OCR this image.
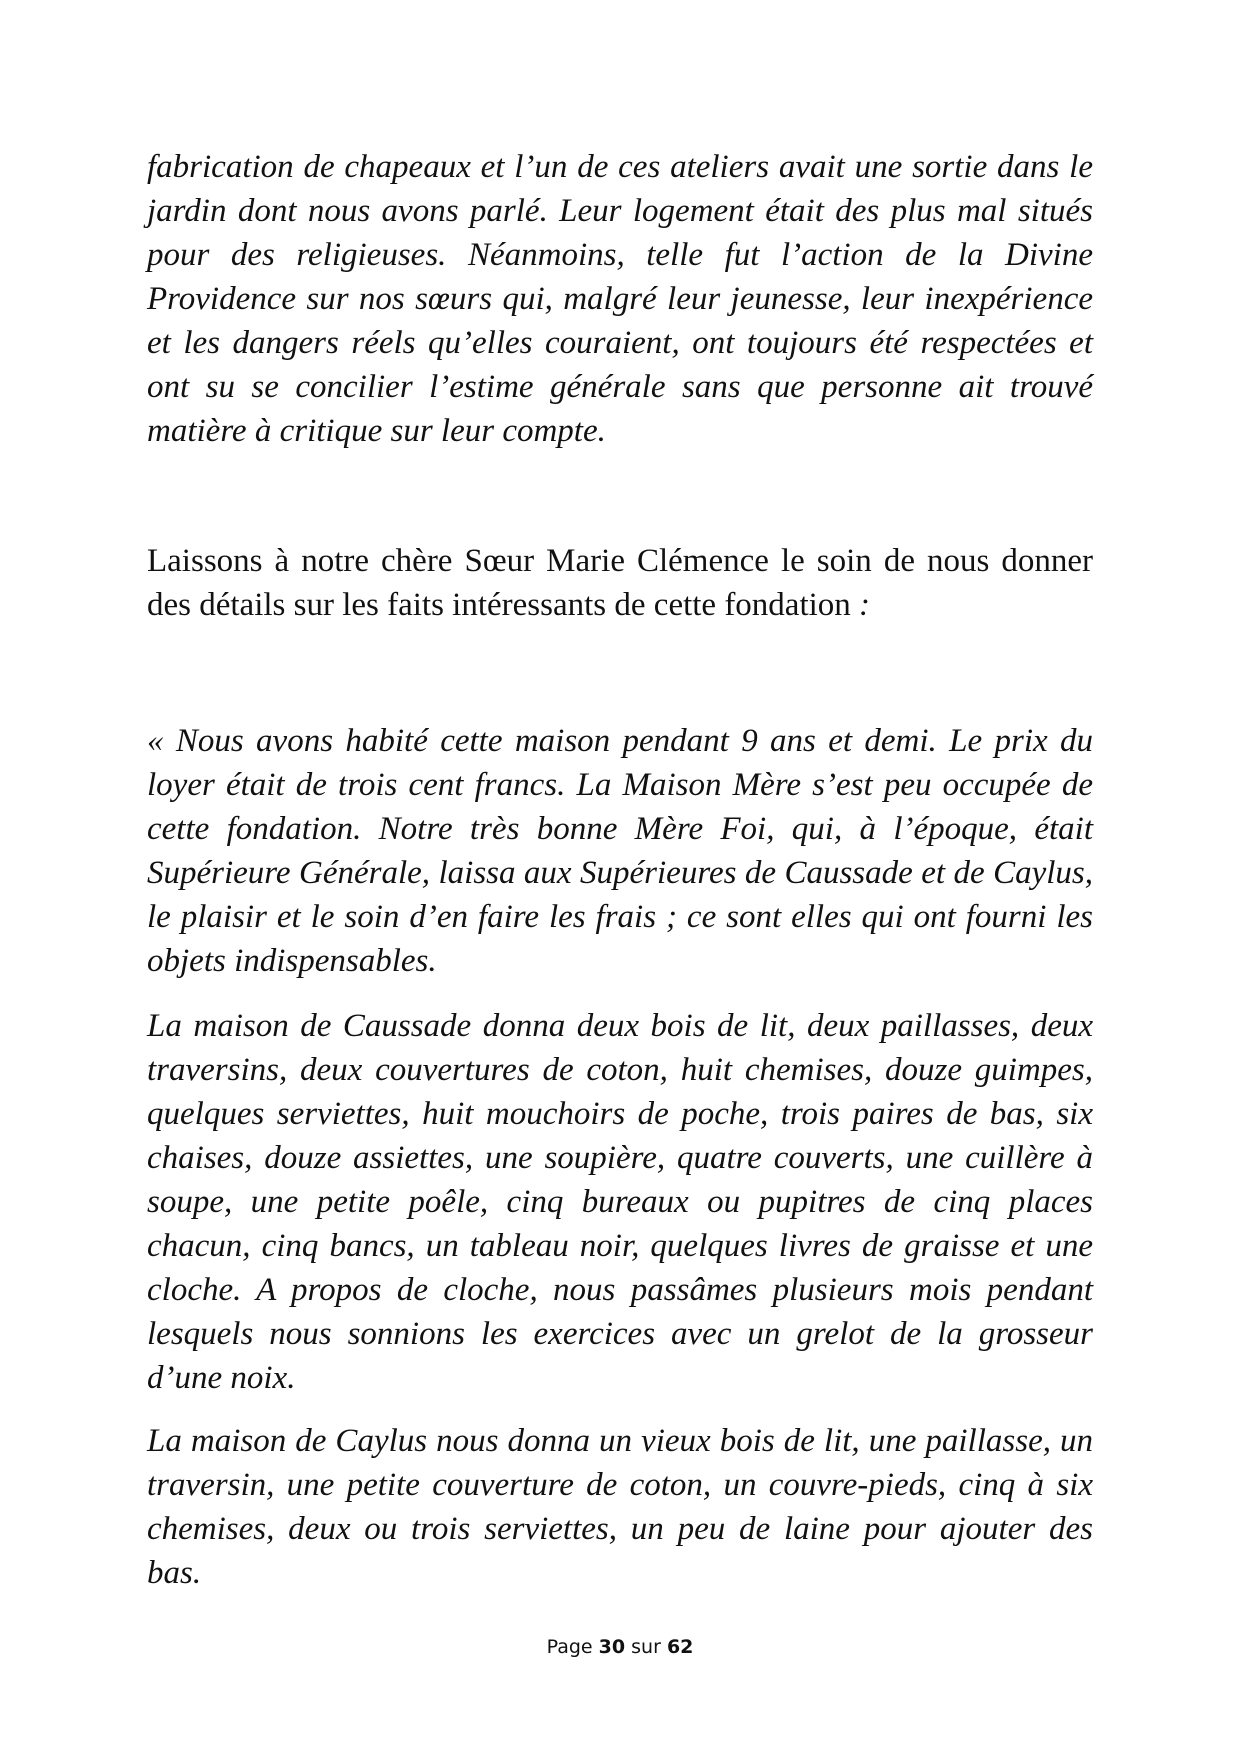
fabrication de chapeaux et l’un de ces ateliers avait une sortie dans le jardin dont nous avons parlé. Leur logement était des plus mal situés pour des religieuses. Néanmoins, telle fut l’action de la Divine Providence sur nos sœurs qui, malgré leur jeunesse, leur inexpérience et les dangers réels qu’elles couraient, ont toujours été respectées et ont su se concilier l’estime générale sans que personne ait trouvé matière à critique sur leur compte.

Laissons à notre chère Sœur Marie Clémence le soin de nous donner des détails sur les faits intéressants de cette fondation :

« Nous avons habité cette maison pendant 9 ans et demi. Le prix du loyer était de trois cent francs. La Maison Mère s’est peu occupée de cette fondation. Notre très bonne Mère Foi, qui, à l’époque, était Supérieure Générale, laissa aux Supérieures de Caussade et de Caylus, le plaisir et le soin d’en faire les frais ; ce sont elles qui ont fourni les objets indispensables.

La maison de Caussade donna deux bois de lit, deux paillasses, deux traversins, deux couvertures de coton, huit chemises, douze guimpes, quelques serviettes, huit mouchoirs de poche, trois paires de bas, six chaises, douze assiettes, une soupière, quatre couverts, une cuillère à soupe, une petite poêle, cinq bureaux ou pupitres de cinq places chacun, cinq bancs, un tableau noir, quelques livres de graisse et une cloche. A propos de cloche, nous passâmes plusieurs mois pendant lesquels nous sonnions les exercices avec un grelot de la grosseur d’une noix.

La maison de Caylus nous donna un vieux bois de lit, une paillasse, un traversin, une petite couverture de coton, un couvre-pieds, cinq à six chemises, deux ou trois serviettes, un peu de laine pour ajouter des bas.

Page 30 sur 62
